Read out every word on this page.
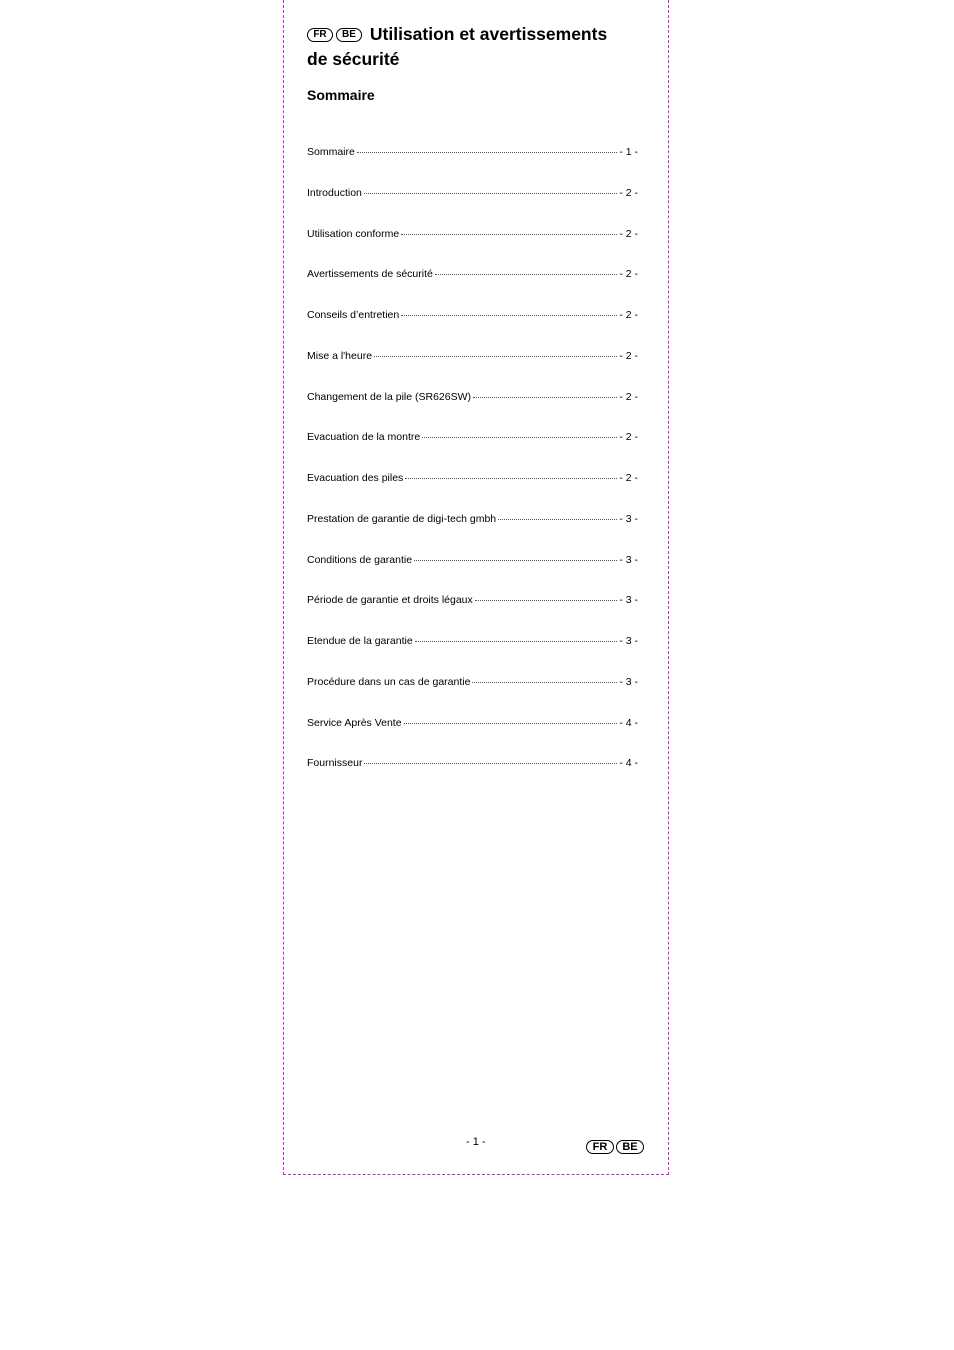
FR BE Utilisation et avertissements
de sécurité
Sommaire
Sommaire	- 1 -
Introduction	- 2 -
Utilisation conforme	- 2 -
Avertissements de sécurité	- 2 -
Conseils d’entretien	- 2 -
Mise a l'heure	- 2 -
Changement de la pile (SR626SW)	- 2 -
Evacuation de la montre	- 2 -
Evacuation des piles	- 2 -
Prestation de garantie de digi-tech gmbh	- 3 -
Conditions de garantie	- 3 -
Période de garantie et droits légaux	- 3 -
Etendue de la garantie	- 3 -
Procédure dans un cas de garantie	- 3 -
Service Après Vente	- 4 -
Fournisseur	- 4 -
- 1 -	FR BE
